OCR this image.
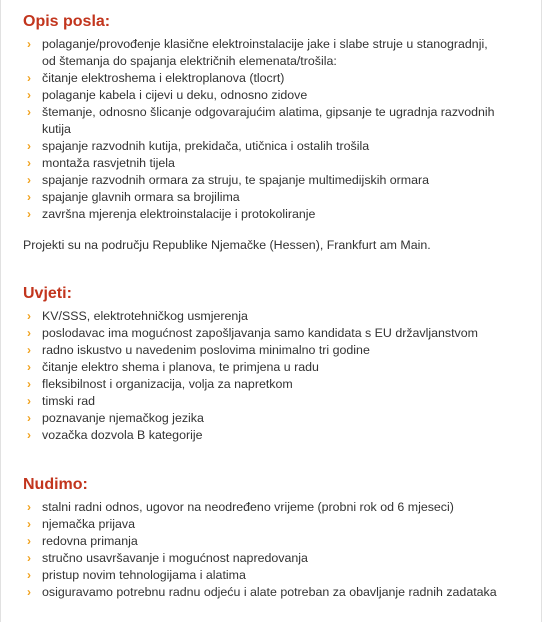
Opis posla:
› polaganje/provođenje klasične elektroinstalacije jake i slabe struje u stanogradnji,
od štemanja do spajanja električnih elemenata/trošila:
› čitanje elektroshema i elektroplanova (tlocrt)
› polaganje kabela i cijevi u deku, odnosno zidove
› štemanje, odnosno šlicanje odgovarajućim alatima, gipsanje te ugradnja razvodnih
kutija
› spajanje razvodnih kutija, prekidača, utičnica i ostalih trošila
› montaža rasvjetnih tijela
› spajanje razvodnih ormara za struju, te spajanje multimedijskih ormara
› spajanje glavnih ormara sa brojilima
› završna mjerenja elektroinstalacije i protokoliranje

Projekti su na području Republike Njemačke (Hessen), Frankfurt am Main.

Uvjeti:
› KV/SSS, elektrotehničkog usmjerenja
› poslodavac ima mogućnost zapošljavanja samo kandidata s EU državljanstvom
› radno iskustvo u navedenim poslovima minimalno tri godine
› čitanje elektro shema i planova, te primjena u radu
› fleksibilnost i organizacija, volja za napretkom
› timski rad
› poznavanje njemačkog jezika
› vozačka dozvola B kategorije
Nudimo:
› stalni radni odnos, ugovor na neodređeno vrijeme (probni rok od 6 mjeseci)
› njemačka prijava
› redovna primanja
› stručno usavršavanje i mogućnost napredovanja
› pristup novim tehnologijama i alatima
› osiguravamo potrebnu radnu odjeću i alate potreban za obavljanje radnih zadataka
